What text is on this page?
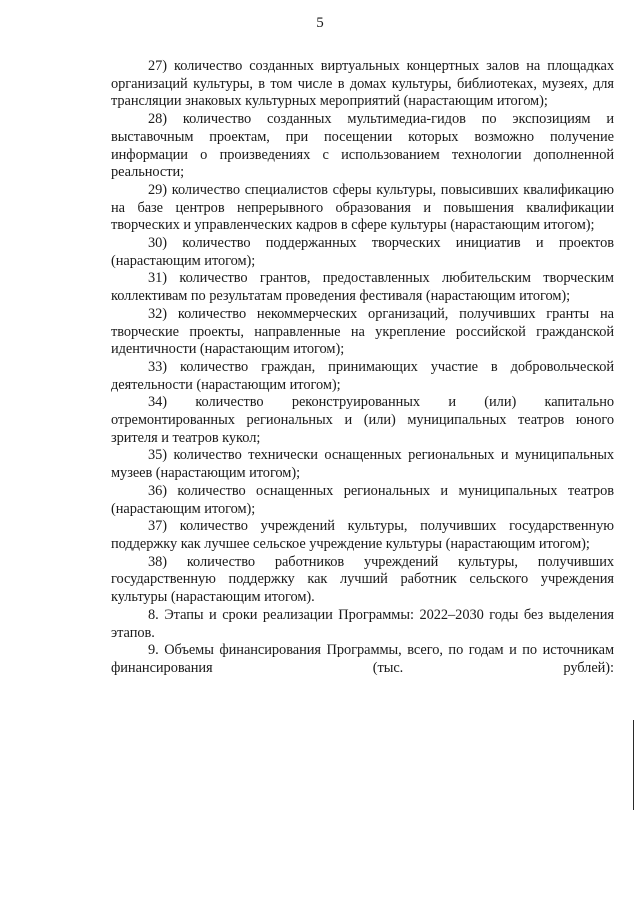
5

27) количество созданных виртуальных концертных залов на площадках организаций культуры, в том числе в домах культуры, библиотеках, музеях, для трансляции знаковых культурных мероприятий (нарастающим итогом);

28) количество созданных мультимедиа-гидов по экспозициям и выставочным проектам, при посещении которых возможно получение информации о произведениях с использованием технологии дополненной реальности;

29) количество специалистов сферы культуры, повысивших квалификацию на базе центров непрерывного образования и повышения квалификации творческих и управленческих кадров в сфере культуры (нарастающим итогом);

30) количество поддержанных творческих инициатив и проектов (нарастающим итогом);

31) количество грантов, предоставленных любительским творческим коллективам по результатам проведения фестиваля (нарастающим итогом);

32) количество некоммерческих организаций, получивших гранты на творческие проекты, направленные на укрепление российской гражданской идентичности (нарастающим итогом);

33) количество граждан, принимающих участие в добровольческой деятельности (нарастающим итогом);

34) количество реконструированных и (или) капитально отремонтированных региональных и (или) муниципальных театров юного зрителя и театров кукол;

35) количество технически оснащенных региональных и муниципальных музеев (нарастающим итогом);

36) количество оснащенных региональных и муниципальных театров (нарастающим итогом);

37) количество учреждений культуры, получивших государственную поддержку как лучшее сельское учреждение культуры (нарастающим итогом);

38) количество работников учреждений культуры, получивших государственную поддержку как лучший работник сельского учреждения культуры (нарастающим итогом).

8. Этапы и сроки реализации Программы: 2022–2030 годы без выделения этапов.

9. Объемы финансирования Программы, всего, по годам и по источникам финансирования (тыс. рублей):
